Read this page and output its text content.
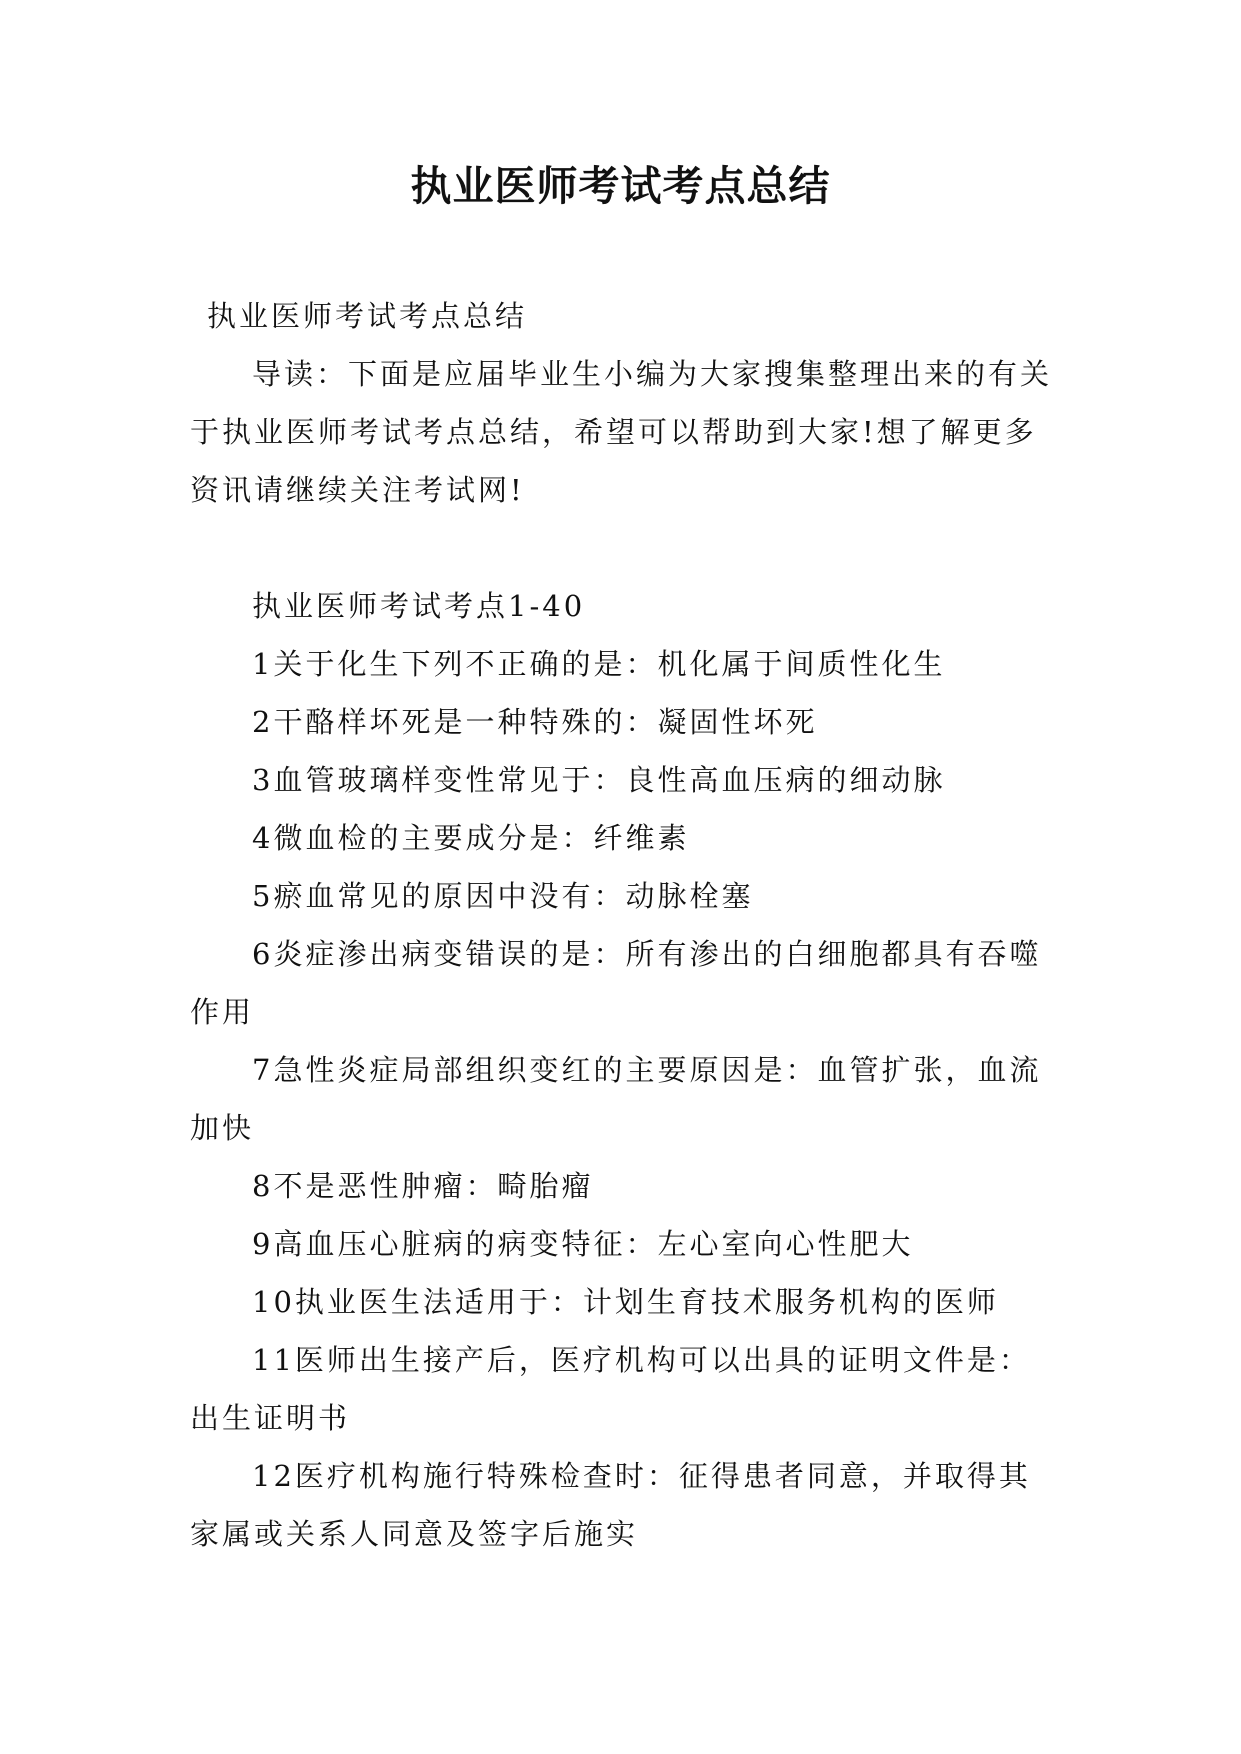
执业医师考试考点总结

执业医师考试考点总结

导读：下面是应届毕业生小编为大家搜集整理出来的有关于执业医师考试考点总结，希望可以帮助到大家!想了解更多资讯请继续关注考试网!

执业医师考试考点1-40

1关于化生下列不正确的是：机化属于间质性化生

2干酪样坏死是一种特殊的：凝固性坏死

3血管玻璃样变性常见于：良性高血压病的细动脉

4微血检的主要成分是：纤维素

5瘀血常见的原因中没有：动脉栓塞

6炎症渗出病变错误的是：所有渗出的白细胞都具有吞噬作用

7急性炎症局部组织变红的主要原因是：血管扩张，血流加快

8不是恶性肿瘤：畸胎瘤

9高血压心脏病的病变特征：左心室向心性肥大

10执业医生法适用于：计划生育技术服务机构的医师

11医师出生接产后，医疗机构可以出具的证明文件是：出生证明书

12医疗机构施行特殊检查时：征得患者同意，并取得其家属或关系人同意及签字后施实
